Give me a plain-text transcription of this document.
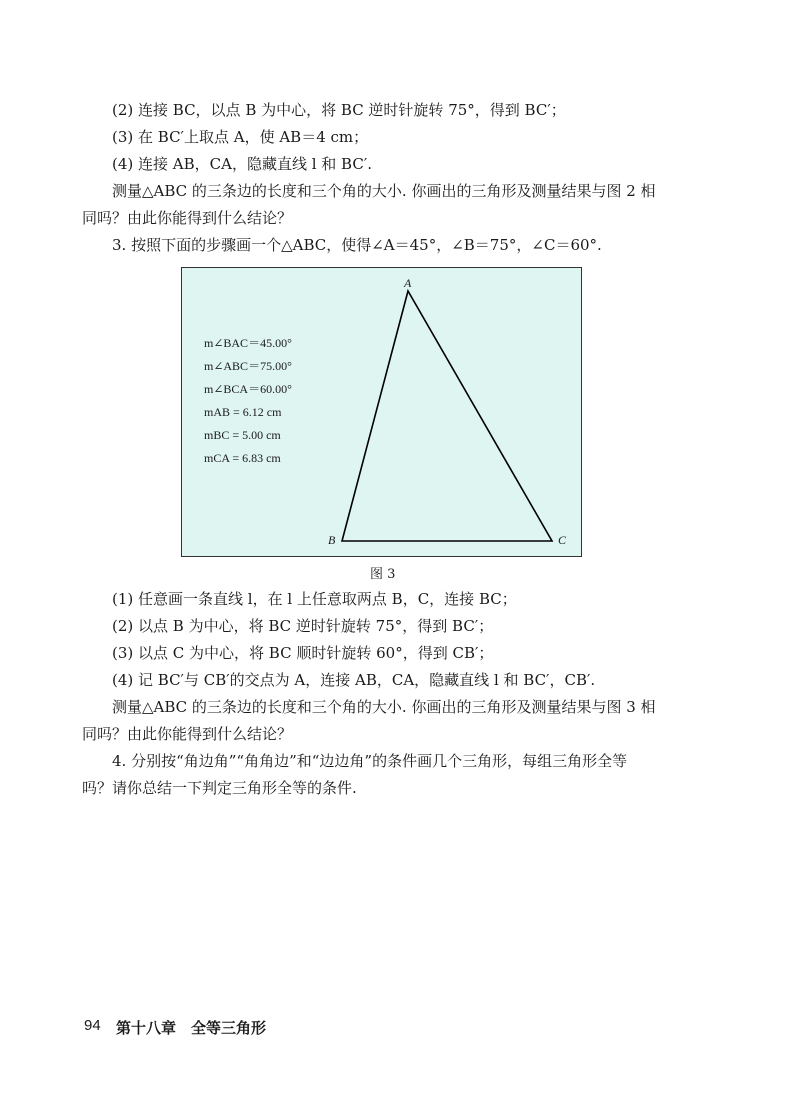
(2) 连接 BC，以点 B 为中心，将 BC 逆时针旋转 75°，得到 BC′；
(3) 在 BC′上取点 A，使 AB＝4 cm；
(4) 连接 AB，CA，隐藏直线 l 和 BC′.
测量△ABC 的三条边的长度和三个角的大小. 你画出的三角形及测量结果与图 2 相
同吗？由此你能得到什么结论？
3. 按照下面的步骤画一个△ABC，使得∠A＝45°，∠B＝75°，∠C＝60°.
A
B	C
m∠BAC＝45.00°
m∠ABC＝75.00°
m∠BCA＝60.00°
mAB = 6.12 cm
mBC = 5.00 cm
mCA = 6.83 cm
图 3
(1) 任意画一条直线 l，在 l 上任意取两点 B，C，连接 BC；
(2) 以点 B 为中心，将 BC 逆时针旋转 75°，得到 BC′；
(3) 以点 C 为中心，将 BC 顺时针旋转 60°，得到 CB′；
(4) 记 BC′与 CB′的交点为 A，连接 AB，CA，隐藏直线 l 和 BC′，CB′.
测量△ABC 的三条边的长度和三个角的大小. 你画出的三角形及测量结果与图 3 相
同吗？由此你能得到什么结论？
4. 分别按“角边角”“角角边”和“边边角”的条件画几个三角形，每组三角形全等
吗？请你总结一下判定三角形全等的条件.
94 第十八章　全等三角形
